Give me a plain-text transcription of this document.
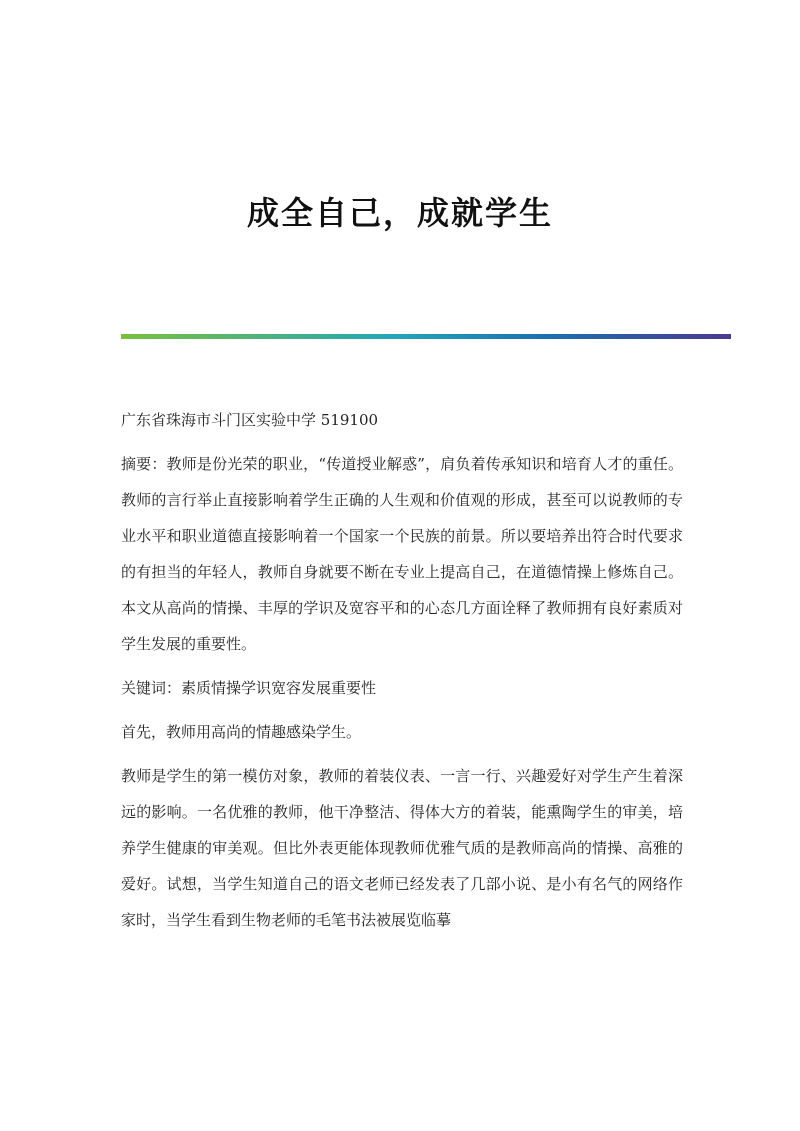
成全自己，成就学生

广东省珠海市斗门区实验中学 519100

摘要：教师是份光荣的职业，“传道授业解惑”，肩负着传承知识和培育人才的重任。教师的言行举止直接影响着学生正确的人生观和价值观的形成，甚至可以说教师的专业水平和职业道德直接影响着一个国家一个民族的前景。所以要培养出符合时代要求的有担当的年轻人，教师自身就要不断在专业上提高自己，在道德情操上修炼自己。本文从高尚的情操、丰厚的学识及宽容平和的心态几方面诠释了教师拥有良好素质对学生发展的重要性。

关键词：素质情操学识宽容发展重要性

首先，教师用高尚的情趣感染学生。

教师是学生的第一模仿对象，教师的着装仪表、一言一行、兴趣爱好对学生产生着深远的影响。一名优雅的教师，他干净整洁、得体大方的着装，能熏陶学生的审美，培养学生健康的审美观。但比外表更能体现教师优雅气质的是教师高尚的情操、高雅的爱好。试想，当学生知道自己的语文老师已经发表了几部小说、是小有名气的网络作家时，当学生看到生物老师的毛笔书法被展览临摹
